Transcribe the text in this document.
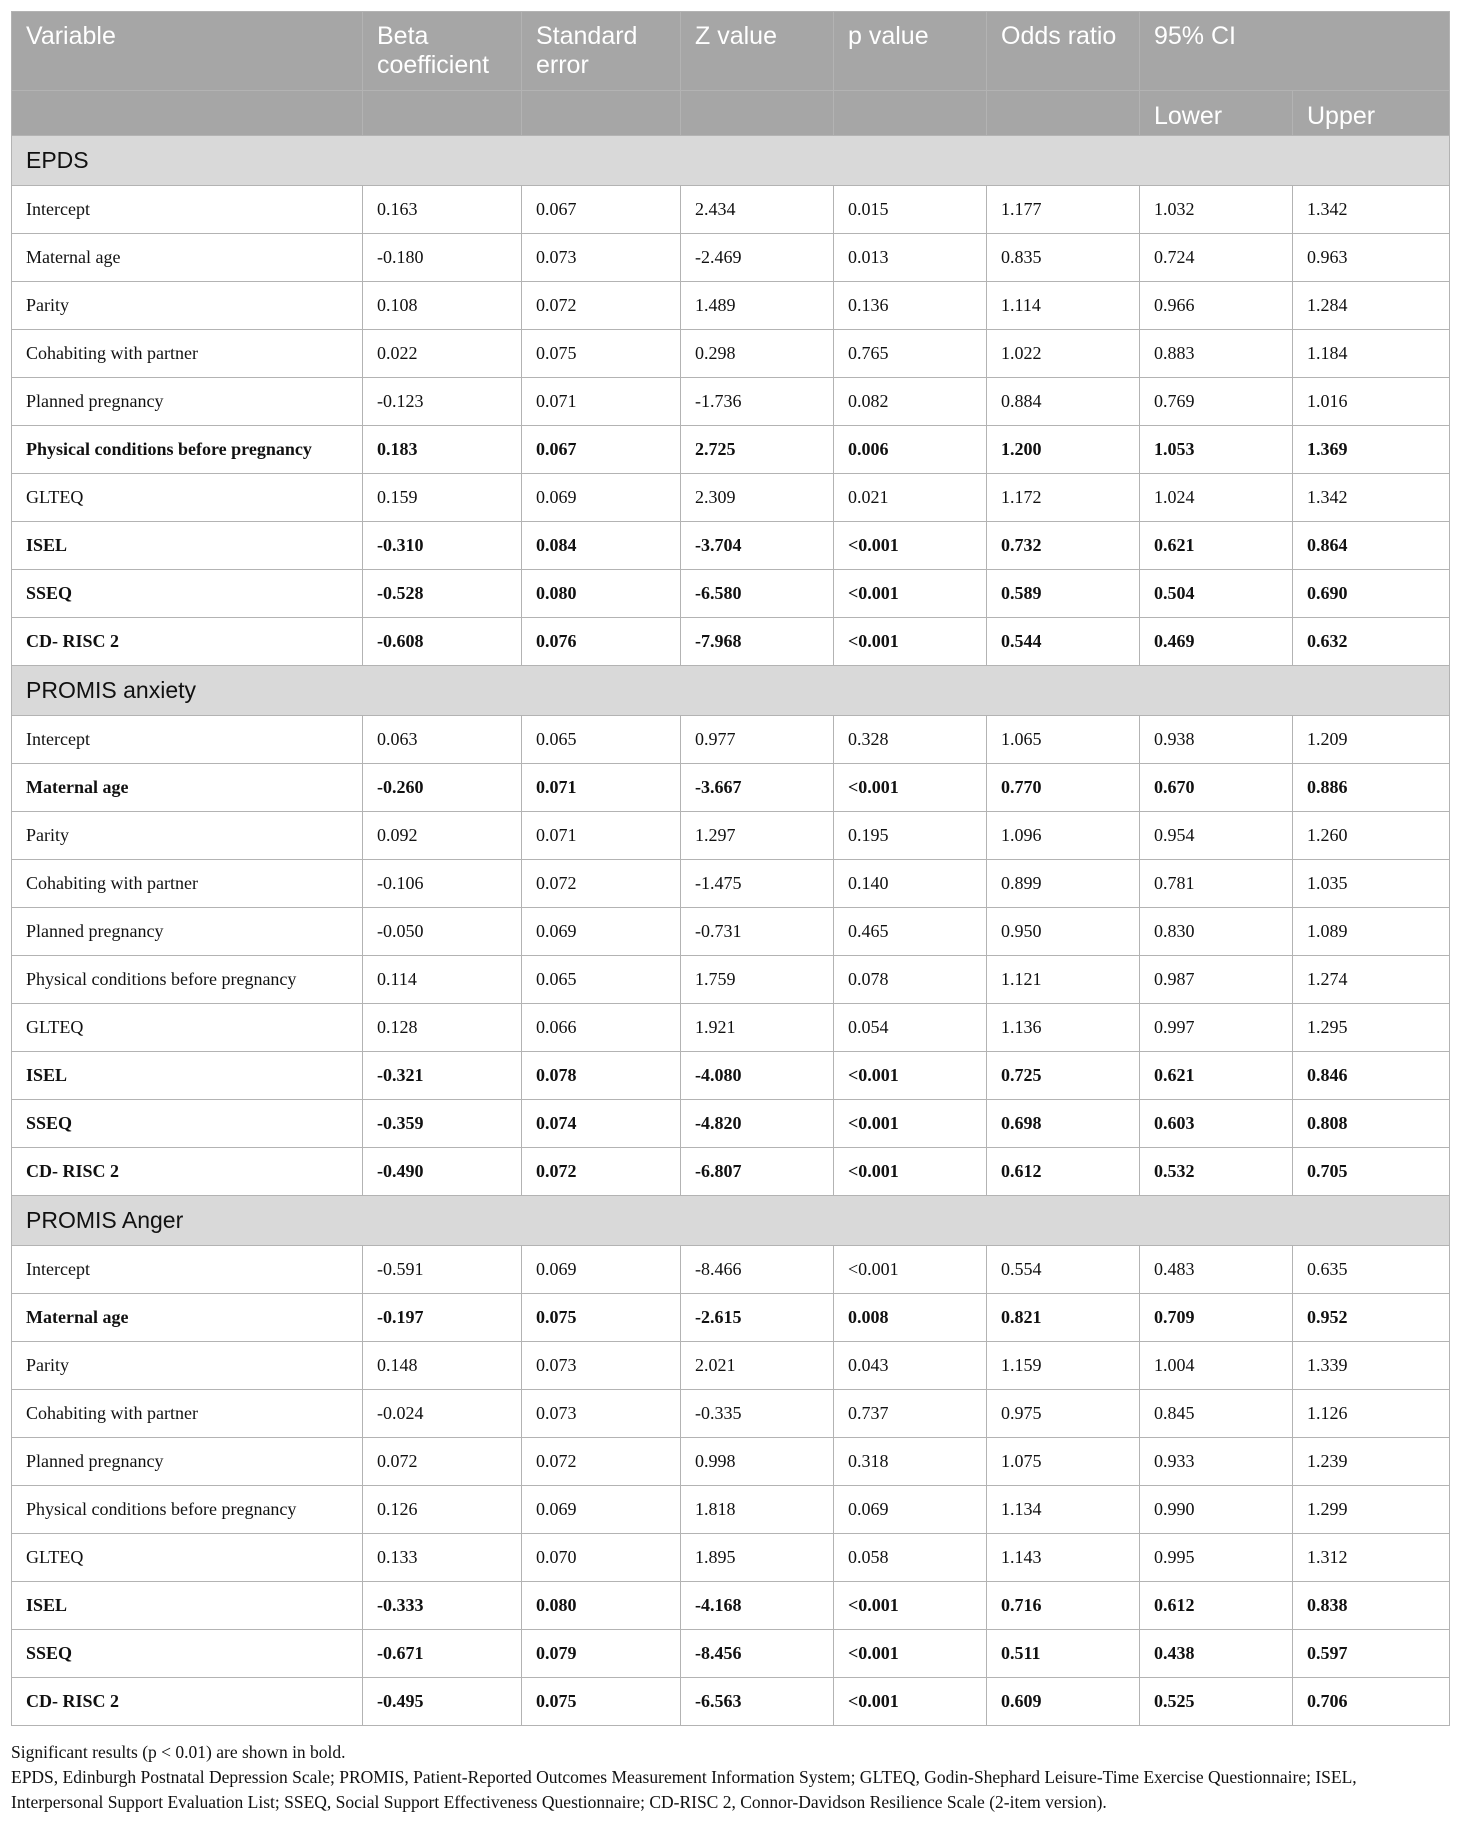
Variable	Beta coefficient	Standard error	Z value	p value	Odds ratio	95% CI	
						Lower	Upper
EPDS							
Intercept	0.163	0.067	2.434	0.015	1.177	1.032	1.342
Maternal age	-0.180	0.073	-2.469	0.013	0.835	0.724	0.963
Parity	0.108	0.072	1.489	0.136	1.114	0.966	1.284
Cohabiting with partner	0.022	0.075	0.298	0.765	1.022	0.883	1.184
Planned pregnancy	-0.123	0.071	-1.736	0.082	0.884	0.769	1.016
Physical conditions before pregnancy	0.183	0.067	2.725	0.006	1.200	1.053	1.369
GLTEQ	0.159	0.069	2.309	0.021	1.172	1.024	1.342
ISEL	-0.310	0.084	-3.704	<0.001	0.732	0.621	0.864
SSEQ	-0.528	0.080	-6.580	<0.001	0.589	0.504	0.690
CD- RISC 2	-0.608	0.076	-7.968	<0.001	0.544	0.469	0.632
PROMIS anxiety							
Intercept	0.063	0.065	0.977	0.328	1.065	0.938	1.209
Maternal age	-0.260	0.071	-3.667	<0.001	0.770	0.670	0.886
Parity	0.092	0.071	1.297	0.195	1.096	0.954	1.260
Cohabiting with partner	-0.106	0.072	-1.475	0.140	0.899	0.781	1.035
Planned pregnancy	-0.050	0.069	-0.731	0.465	0.950	0.830	1.089
Physical conditions before pregnancy	0.114	0.065	1.759	0.078	1.121	0.987	1.274
GLTEQ	0.128	0.066	1.921	0.054	1.136	0.997	1.295
ISEL	-0.321	0.078	-4.080	<0.001	0.725	0.621	0.846
SSEQ	-0.359	0.074	-4.820	<0.001	0.698	0.603	0.808
CD- RISC 2	-0.490	0.072	-6.807	<0.001	0.612	0.532	0.705
PROMIS Anger							
Intercept	-0.591	0.069	-8.466	<0.001	0.554	0.483	0.635
Maternal age	-0.197	0.075	-2.615	0.008	0.821	0.709	0.952
Parity	0.148	0.073	2.021	0.043	1.159	1.004	1.339
Cohabiting with partner	-0.024	0.073	-0.335	0.737	0.975	0.845	1.126
Planned pregnancy	0.072	0.072	0.998	0.318	1.075	0.933	1.239
Physical conditions before pregnancy	0.126	0.069	1.818	0.069	1.134	0.990	1.299
GLTEQ	0.133	0.070	1.895	0.058	1.143	0.995	1.312
ISEL	-0.333	0.080	-4.168	<0.001	0.716	0.612	0.838
SSEQ	-0.671	0.079	-8.456	<0.001	0.511	0.438	0.597
CD- RISC 2	-0.495	0.075	-6.563	<0.001	0.609	0.525	0.706

Significant results (p < 0.01) are shown in bold.

EPDS, Edinburgh Postnatal Depression Scale; PROMIS, Patient-Reported Outcomes Measurement Information System; GLTEQ, Godin-Shephard Leisure-Time Exercise Questionnaire; ISEL, Interpersonal Support Evaluation List; SSEQ, Social Support Effectiveness Questionnaire; CD-RISC 2, Connor-Davidson Resilience Scale (2-item version).
